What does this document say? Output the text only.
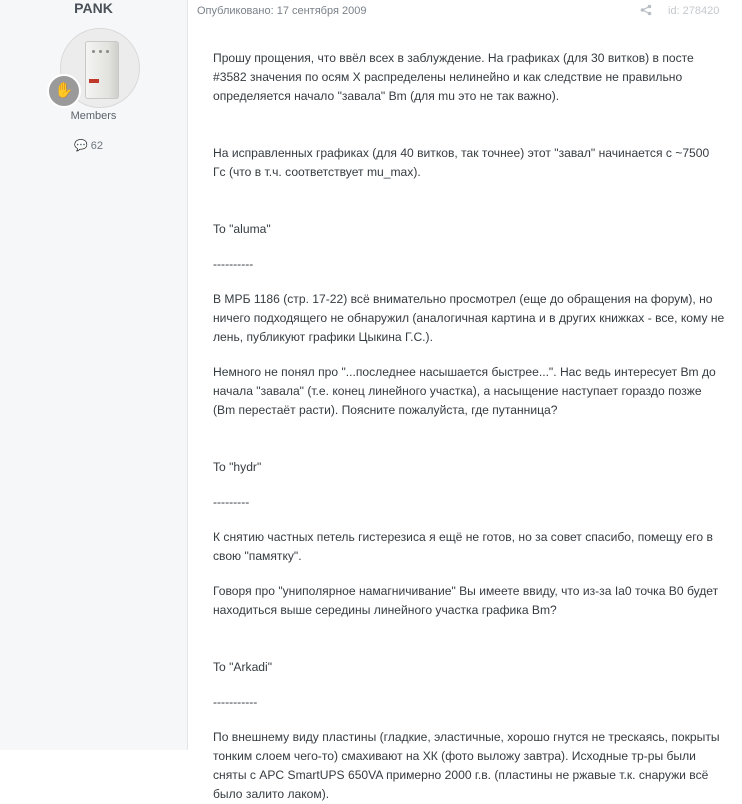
PANK
✋
Members
💬 62
Опубликовано: 17 сентября 2009	id: 278420

Прошу прощения, что ввёл всех в заблуждение. На графиках (для 30 витков) в посте #3582 значения по осям X распределены нелинейно и как следствие не правильно определяется начало "завала" Bm (для mu это не так важно).

На исправленных графиках (для 40 витков, так точнее) этот "завал" начинается с ~7500 Гс (что в т.ч. соответствует mu_max).

To "aluma"

----------

В МРБ 1186 (стр. 17-22) всё внимательно просмотрел (еще до обращения на форум), но ничего подходящего не обнаружил (аналогичная картина и в других книжках - все, кому не лень, публикуют графики Цыкина Г.С.).

Немного не понял про "...последнее насышается быстрее...". Нас ведь интересует Bm до начала "завала" (т.е. конец линейного участка), а насыщение наступает гораздо позже (Bm перестаёт расти). Поясните пожалуйста, где путанница?

To "hydr"

---------

К снятию частных петель гистерезиса я ещё не готов, но за совет спасибо, помещу его в свою "памятку".

Говоря про "униполярное намагничивание" Вы имеете ввиду, что из-за Ia0 точка B0 будет находиться выше середины линейного участка графика Bm?

To "Arkadi"

-----------

По внешнему виду пластины (гладкие, эластичные, хорошо гнутся не трескаясь, покрыты тонким слоем чего-то) смахивают на ХК (фото выложу завтра). Исходные тр-ры были сняты с APC SmartUPS 650VA примерно 2000 г.в. (пластины не ржавые т.к. снаружи всё было залито лаком).
